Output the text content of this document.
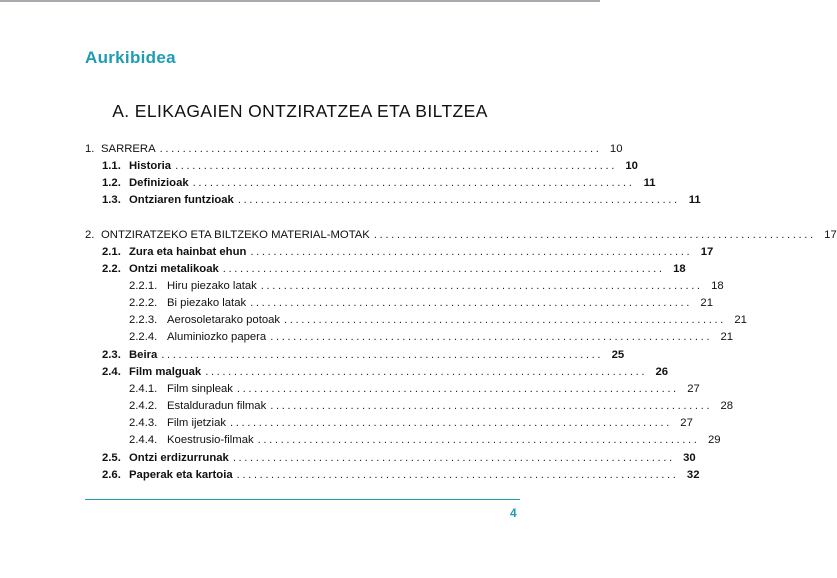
Aurkibidea
A. ELIKAGAIEN ONTZIRATZEA ETA BILTZEA
1. SARRERA ............................................................................. 10
1.1. Historia ............................................................................. 10
1.2. Definizioak ............................................................................. 11
1.3. Ontziaren funtzioak ............................................................................. 11
2. ONTZIRATZEKO ETA BILTZEKO MATERIAL-MOTAK ............................................................................. 17
2.1. Zura eta hainbat ehun ............................................................................. 17
2.2. Ontzi metalikoak ............................................................................. 18
2.2.1. Hiru piezako latak ............................................................................. 18
2.2.2. Bi piezako latak ............................................................................. 21
2.2.3. Aerosoletarako potoak ............................................................................. 21
2.2.4. Aluminiozko papera ............................................................................. 21
2.3. Beira ............................................................................. 25
2.4. Film malguak ............................................................................. 26
2.4.1. Film sinpleak ............................................................................. 27
2.4.2. Estalduradun filmak ............................................................................. 28
2.4.3. Film ijetziak ............................................................................. 27
2.4.4. Koestrusio-filmak ............................................................................. 29
2.5. Ontzi erdizurrunak ............................................................................. 30
2.6. Paperak eta kartoia ............................................................................. 32
4
